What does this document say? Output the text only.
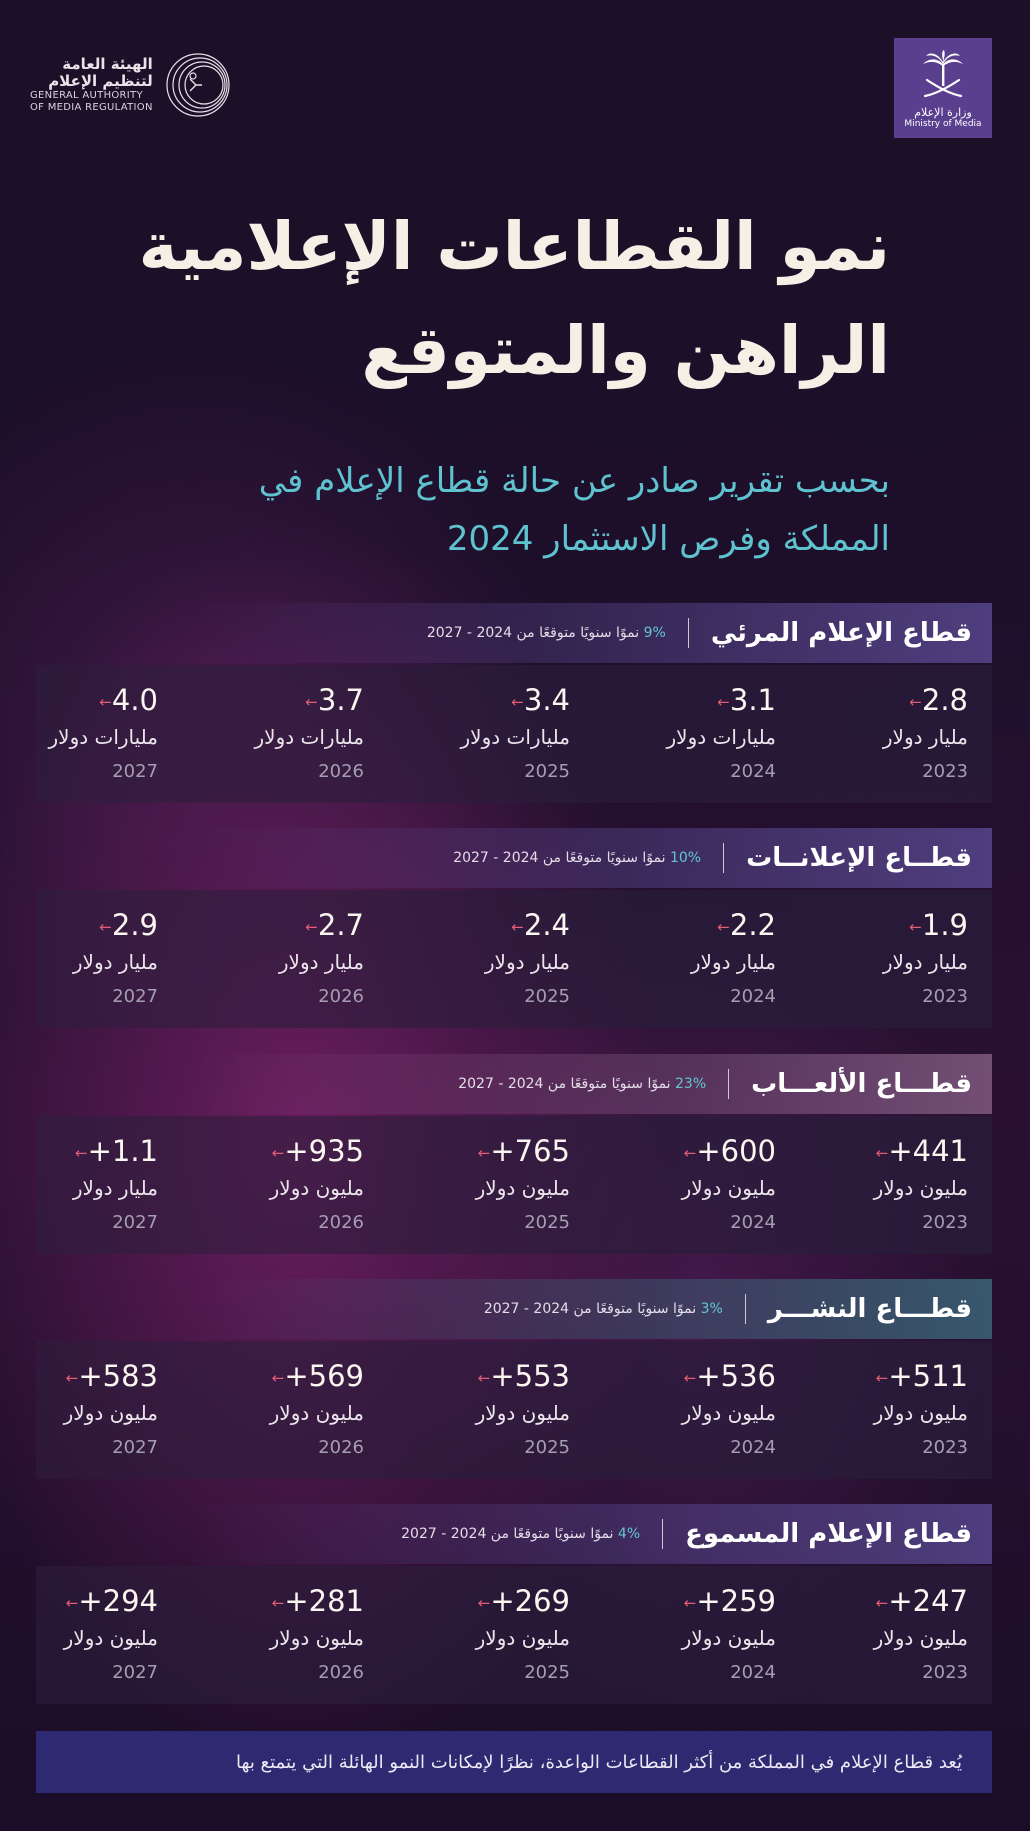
الهيئة العامة
لتنظيم الإعلام
GENERAL AUTHORITY
OF MEDIA REGULATION	وزارة الإعلام
Ministry of Media
نمو القطاعات الإعلامية
الراهن والمتوقع
بحسب تقرير صادر عن حالة قطاع الإعلام في
المملكة وفرص الاستثمار 2024
قطاع الإعلام المرئي
9% نموًا سنويًا متوقعًا من 2024 - 2027
←2.8
مليار دولار
2023
←3.1
مليارات دولار
2024
←3.4
مليارات دولار
2025
←3.7
مليارات دولار
2026
←4.0
مليارات دولار
2027
قطــاع الإعلانــات
10% نموًا سنويًا متوقعًا من 2024 - 2027
←1.9
مليار دولار
2023
←2.2
مليار دولار
2024
←2.4
مليار دولار
2025
←2.7
مليار دولار
2026
←2.9
مليار دولار
2027
قطـــاع الألعـــاب
23% نموًا سنويًا متوقعًا من 2024 - 2027
←+441
مليون دولار
2023
←+600
مليون دولار
2024
←+765
مليون دولار
2025
←+935
مليون دولار
2026
←+1.1
مليار دولار
2027
قطـــاع النشـــر
3% نموًا سنويًا متوقعًا من 2024 - 2027
←+511
مليون دولار
2023
←+536
مليون دولار
2024
←+553
مليون دولار
2025
←+569
مليون دولار
2026
←+583
مليون دولار
2027
قطاع الإعلام المسموع
4% نموًا سنويًا متوقعًا من 2024 - 2027
←+247
مليون دولار
2023
←+259
مليون دولار
2024
←+269
مليون دولار
2025
←+281
مليون دولار
2026
←+294
مليون دولار
2027
يُعد قطاع الإعلام في المملكة من أكثر القطاعات الواعدة، نظرًا لإمكانات النمو الهائلة التي يتمتع بها
